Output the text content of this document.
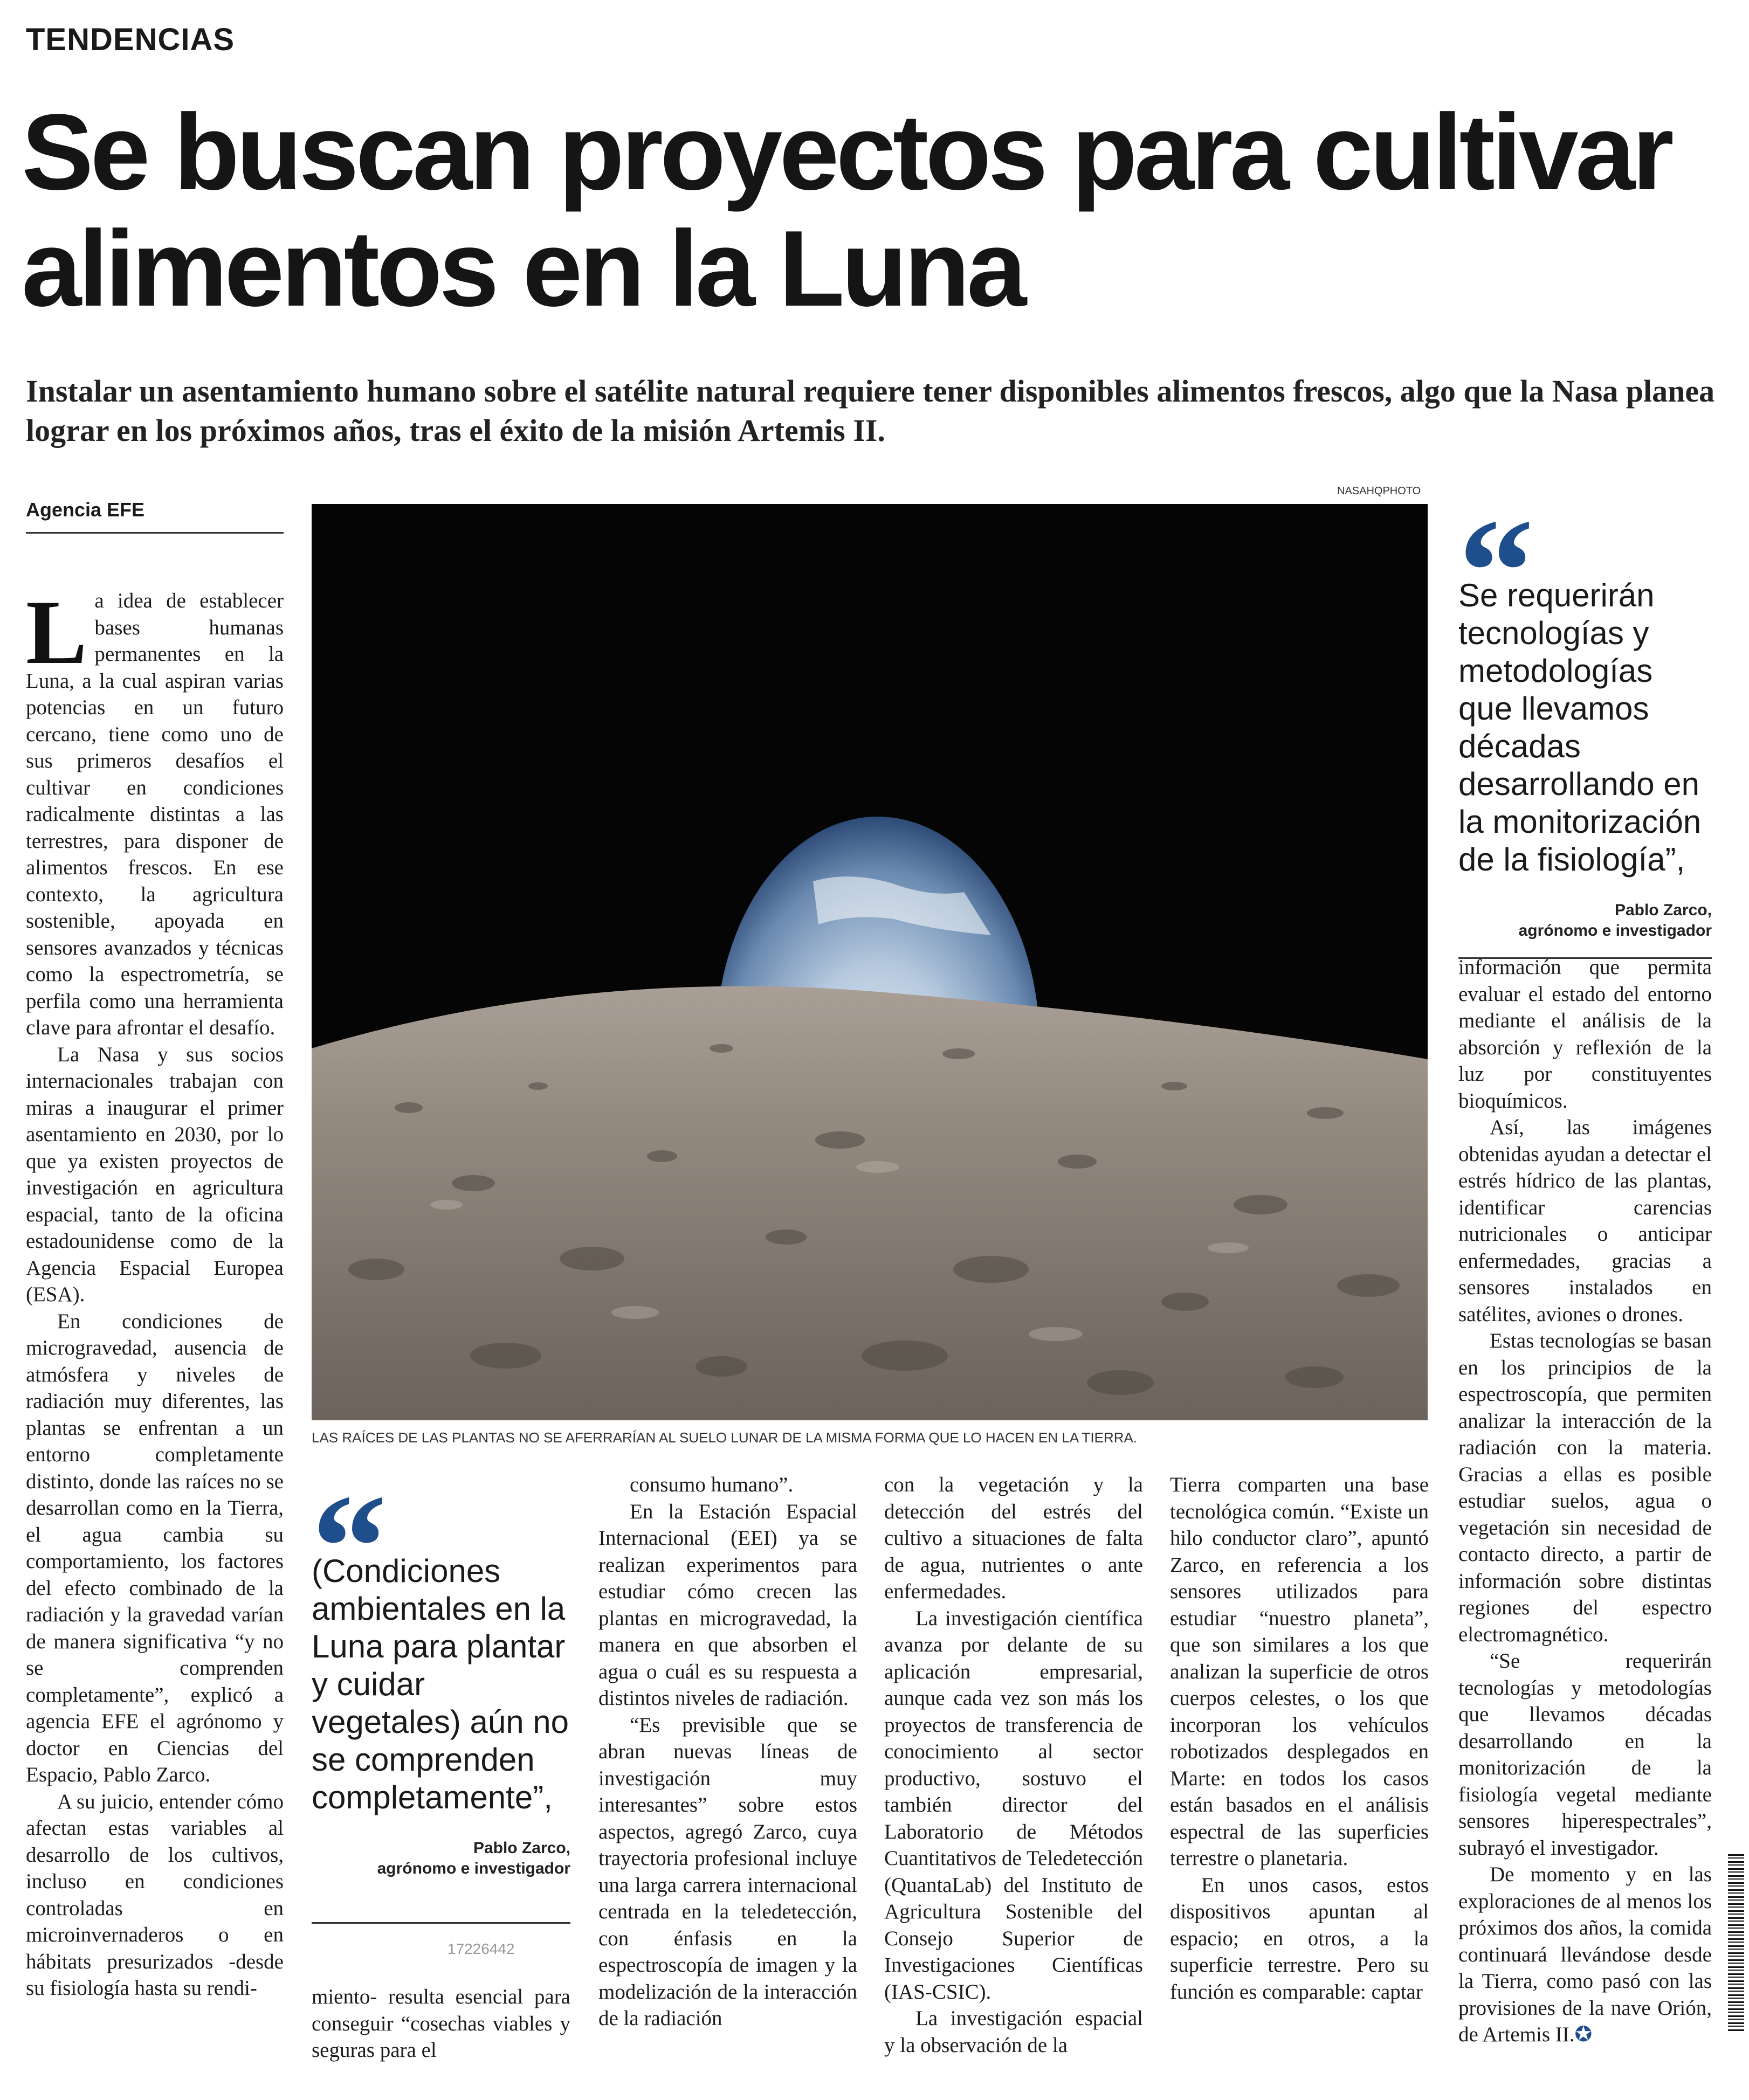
TENDENCIAS
Se buscan proyectos para cultivar alimentos en la Luna

Instalar un asentamiento humano sobre el satélite natural requiere tener disponibles alimentos frescos, algo que la Nasa planea lograr en los próximos años, tras el éxito de la misión Artemis II.

Agencia EFE
NASAHQPHOTO
LAS RAÍCES DE LAS PLANTAS NO SE AFERRARÍAN AL SUELO LUNAR DE LA MISMA FORMA QUE LO HACEN EN LA TIERRA.
L a idea de establecer bases humanas permanentes en la Luna, a la cual aspiran varias potencias en un futuro cercano, tiene como uno de sus primeros desafíos el cultivar en condiciones radicalmente distintas a las terrestres, para disponer de alimentos frescos. En ese contexto, la agricultura sostenible, apoyada en sensores avanzados y técnicas como la espectrometría, se perfila como una herramienta clave para afrontar el desafío.

La Nasa y sus socios internacionales trabajan con miras a inaugurar el primer asentamiento en 2030, por lo que ya existen proyectos de investigación en agricultura espacial, tanto de la oficina estadounidense como de la Agencia Espacial Europea (ESA).

En condiciones de microgravedad, ausencia de atmósfera y niveles de radiación muy diferentes, las plantas se enfrentan a un entorno completamente distinto, donde las raíces no se desarrollan como en la Tierra, el agua cambia su comportamiento, los factores del efecto combinado de la radiación y la gravedad varían de manera significativa “y no se comprenden completamente”, explicó a agencia EFE el agrónomo y doctor en Ciencias del Espacio, Pablo Zarco.

A su juicio, entender cómo afectan estas variables al desarrollo de los cultivos, incluso en condiciones controladas en microinvernaderos o en hábitats presurizados -desde su fisiología hasta su rendi-

(Condiciones ambientales en la Luna para plantar y cuidar vegetales) aún no se comprenden completamente”,
Pablo Zarco,
agrónomo e investigador
17226442

miento- resulta esencial para conseguir “cosechas viables y seguras para el

consumo humano”.

En la Estación Espacial Internacional (EEI) ya se realizan experimentos para estudiar cómo crecen las plantas en microgravedad, la manera en que absorben el agua o cuál es su respuesta a distintos niveles de radiación.

“Es previsible que se abran nuevas líneas de investigación muy interesantes” sobre estos aspectos, agregó Zarco, cuya trayectoria profesional incluye una larga carrera internacional centrada en la teledetección, con énfasis en la espectroscopía de imagen y la modelización de la interacción de la radiación

con la vegetación y la detección del estrés del cultivo a situaciones de falta de agua, nutrientes o ante enfermedades.

La investigación científica avanza por delante de su aplicación empresarial, aunque cada vez son más los proyectos de transferencia de conocimiento al sector productivo, sostuvo el también director del Laboratorio de Métodos Cuantitativos de Teledetección (QuantaLab) del Instituto de Agricultura Sostenible del Consejo Superior de Investigaciones Científicas (IAS-CSIC).

La investigación espacial y la observación de la

Tierra comparten una base tecnológica común. “Existe un hilo conductor claro”, apuntó Zarco, en referencia a los sensores utilizados para estudiar “nuestro planeta”, que son similares a los que analizan la superficie de otros cuerpos celestes, o los que incorporan los vehículos robotizados desplegados en Marte: en todos los casos están basados en el análisis espectral de las superficies terrestre o planetaria.

En unos casos, estos dispositivos apuntan al espacio; en otros, a la superficie terrestre. Pero su función es comparable: captar

Se requerirán tecnologías y metodologías que llevamos décadas desarrollando en la monitorización de la fisiología”,
Pablo Zarco,
agrónomo e investigador

información que permita evaluar el estado del entorno mediante el análisis de la absorción y reflexión de la luz por constituyentes bioquímicos.

Así, las imágenes obtenidas ayudan a detectar el estrés hídrico de las plantas, identificar carencias nutricionales o anticipar enfermedades, gracias a sensores instalados en satélites, aviones o drones.

Estas tecnologías se basan en los principios de la espectroscopía, que permiten analizar la interacción de la radiación con la materia. Gracias a ellas es posible estudiar suelos, agua o vegetación sin necesidad de contacto directo, a partir de información sobre distintas regiones del espectro electromagnético.

“Se requerirán tecnologías y metodologías que llevamos décadas desarrollando en la monitorización de la fisiología vegetal mediante sensores hiperespectrales”, subrayó el investigador.

De momento y en las exploraciones de al menos los próximos dos años, la comida continuará llevándose desde la Tierra, como pasó con las provisiones de la nave Orión, de Artemis II.✪
